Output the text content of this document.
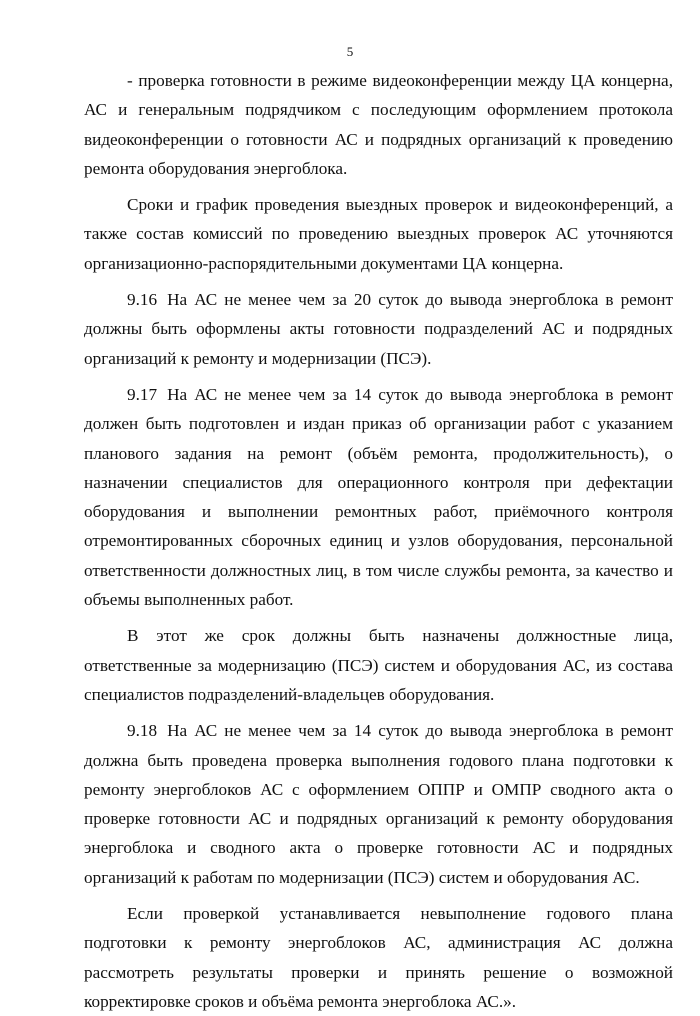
5

- проверка готовности в режиме видеоконференции между ЦА концерна, АС и генеральным подрядчиком с последующим оформлением протокола видеоконференции о готовности АС и подрядных организаций к проведению ремонта оборудования энергоблока.

Сроки и график проведения выездных проверок и видеоконференций, а также состав комиссий по проведению выездных проверок АС уточняются организационно-распорядительными документами ЦА концерна.

9.16 На АС не менее чем за 20 суток до вывода энергоблока в ремонт должны быть оформлены акты готовности подразделений АС и подрядных организаций к ремонту и модернизации (ПСЭ).

9.17 На АС не менее чем за 14 суток до вывода энергоблока в ремонт должен быть подготовлен и издан приказ об организации работ с указанием планового задания на ремонт (объём ремонта, продолжительность), о назначении специалистов для операционного контроля при дефектации оборудования и выполнении ремонтных работ, приёмочного контроля отремонтированных сборочных единиц и узлов оборудования, персональной ответственности должностных лиц, в том числе службы ремонта, за качество и объемы выполненных работ.

В этот же срок должны быть назначены должностные лица, ответственные за модернизацию (ПСЭ) систем и оборудования АС, из состава специалистов подразделений-владельцев оборудования.

9.18 На АС не менее чем за 14 суток до вывода энергоблока в ремонт должна быть проведена проверка выполнения годового плана подготовки к ремонту энергоблоков АС с оформлением ОППР и ОМПР сводного акта о проверке готовности АС и подрядных организаций к ремонту оборудования энергоблока и сводного акта о проверке готовности АС и подрядных организаций к работам по модернизации (ПСЭ) систем и оборудования АС.

Если проверкой устанавливается невыполнение годового плана подготовки к ремонту энергоблоков АС, администрация АС должна рассмотреть результаты проверки и принять решение о возможной корректировке сроков и объёма ремонта энергоблока АС.».
